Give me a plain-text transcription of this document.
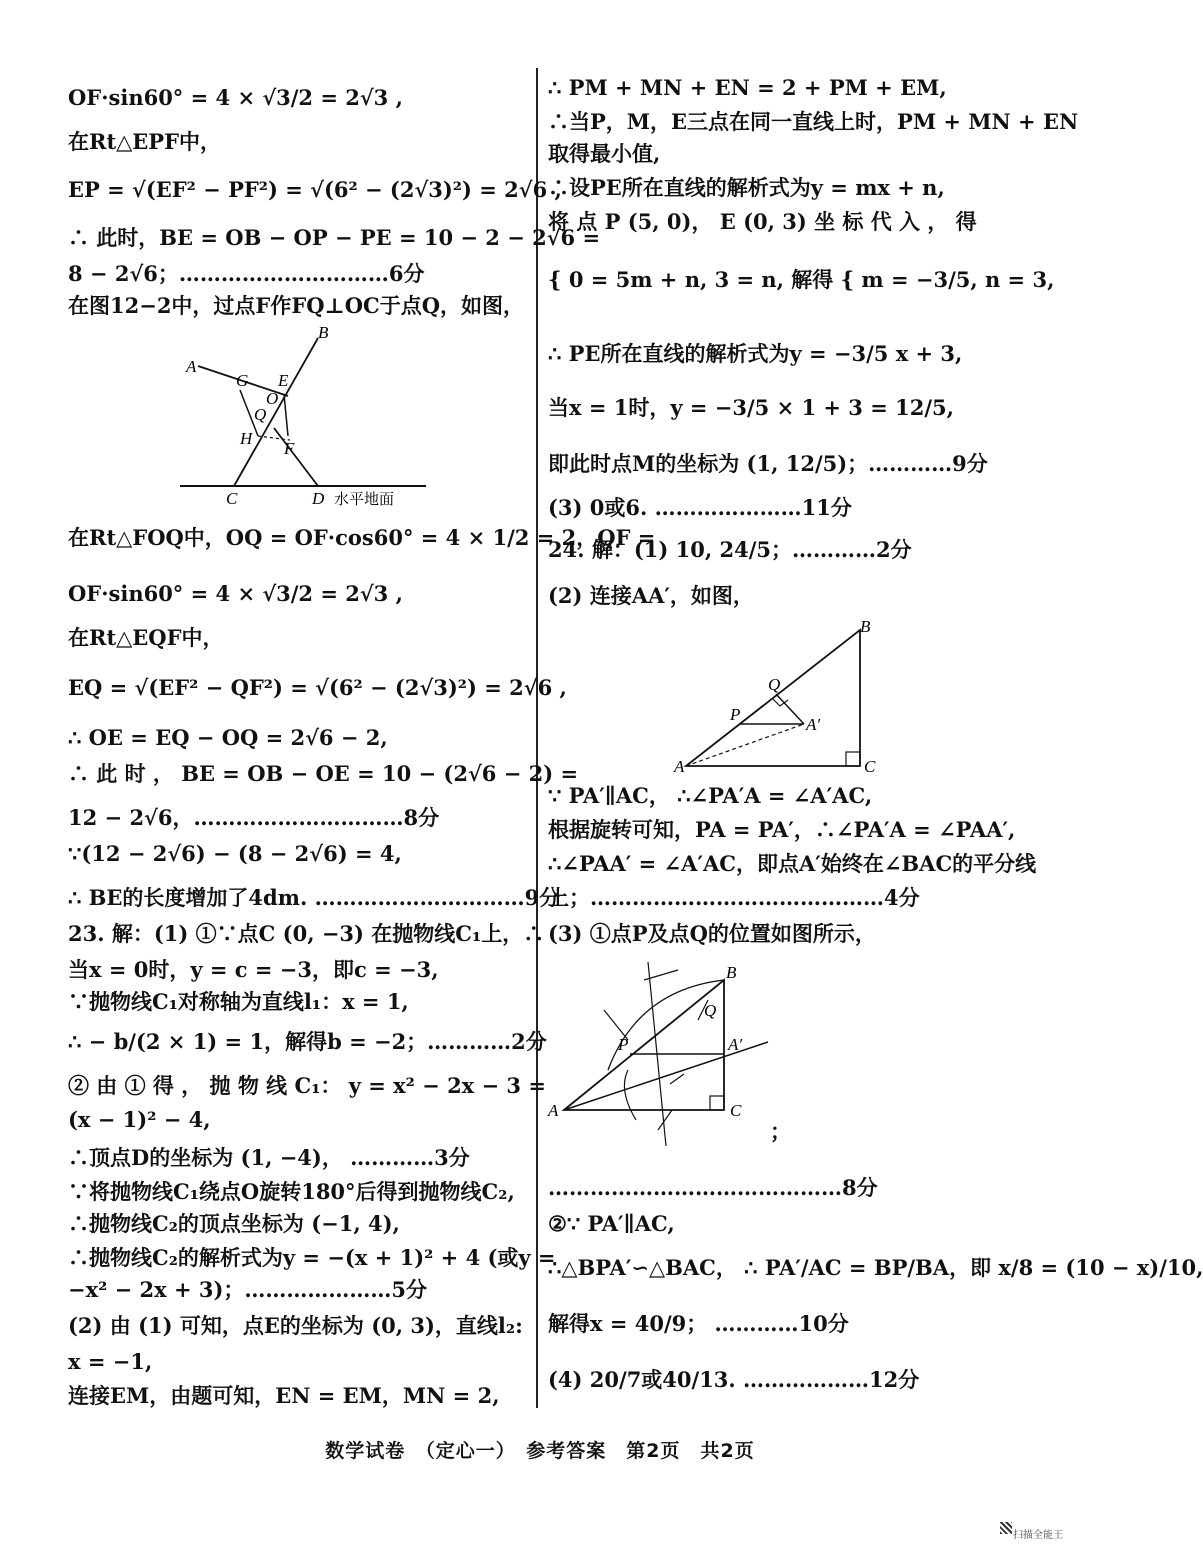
OF·sin60° = 4 × √3/2 = 2√3 ,
在Rt△EPF中，
EP = √(EF² − PF²) = √(6² − (2√3)²) = 2√6 ,
∴ 此时，BE = OB − OP − PE = 10 − 2 − 2√6 =
8 − 2√6；…………………………6分
在图12−2中，过点F作FQ⊥OC于点Q，如图，
B
A
G E
O
Q
H
F
C	D 水平地面
在Rt△FOQ中，OQ = OF·cos60° = 4 × 1/2 = 2，QF =
OF·sin60° = 4 × √3/2 = 2√3 ,
在Rt△EQF中，
EQ = √(EF² − QF²) = √(6² − (2√3)²) = 2√6 ,
∴ OE = EQ − OQ = 2√6 − 2,
∴ 此 时 ， BE = OB − OE = 10 − (2√6 − 2) =
12 − 2√6，…………………………8分
∵(12 − 2√6) − (8 − 2√6) = 4,
∴ BE的长度增加了4dm. …………………………9分
23. 解：(1) ①∵点C (0, −3) 在抛物线C₁上，∴
当x = 0时，y = c = −3，即c = −3,
∵抛物线C₁对称轴为直线l₁：x = 1,
∴ − b/(2 × 1) = 1，解得b = −2；…………2分
② 由 ① 得 ， 抛 物 线 C₁： y = x² − 2x − 3 =
(x − 1)² − 4,
∴顶点D的坐标为 (1, −4)， …………3分
∵将抛物线C₁绕点O旋转180°后得到抛物线C₂,
∴抛物线C₂的顶点坐标为 (−1, 4),
∴抛物线C₂的解析式为y = −(x + 1)² + 4 (或y =
−x² − 2x + 3)；…………………5分
(2) 由 (1) 可知，点E的坐标为 (0, 3)，直线l₂:
x = −1,
连接EM，由题可知，EN = EM，MN = 2,
∴ PM + MN + EN = 2 + PM + EM,
∴当P，M，E三点在同一直线上时，PM + MN + EN
取得最小值,
∴设PE所在直线的解析式为y = mx + n,
将 点 P (5, 0)， E (0, 3) 坐 标 代 入 ， 得
{ 0 = 5m + n, 3 = n, 解得 { m = −3/5, n = 3,
∴ PE所在直线的解析式为y = −3/5 x + 3,
当x = 1时，y = −3/5 × 1 + 3 = 12/5,
即此时点M的坐标为 (1, 12/5)；…………9分
(3) 0或6. …………………11分
24. 解：(1) 10, 24/5；…………2分
(2) 连接AA′，如图，
B
Q
P
A′
A	C
∵ PA′∥AC， ∴∠PA′A = ∠A′AC,
根据旋转可知，PA = PA′，∴∠PA′A = ∠PAA′,
∴∠PAA′ = ∠A′AC，即点A′始终在∠BAC的平分线
上；……………………………………4分
(3) ①点P及点Q的位置如图所示，
B
Q
P	A′
A	C
；
……………………………………8分
②∵ PA′∥AC,
∴△BPA′∽△BAC， ∴ PA′/AC = BP/BA，即 x/8 = (10 − x)/10,
解得x = 40/9； …………10分
(4) 20/7或40/13. ………………12分
数学试卷　（定心一）　参考答案　第2页　共2页
扫描全能王
